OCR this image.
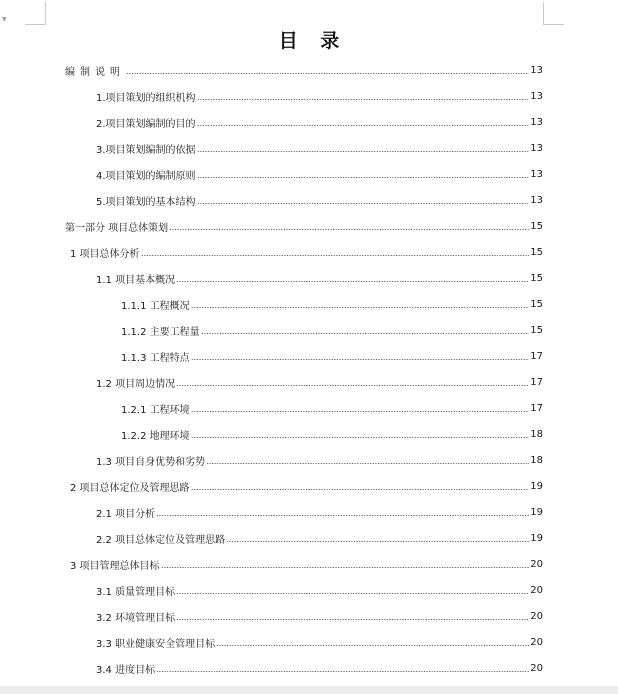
▼
目 录
编制说明	13
1.项目策划的组织机构	13
2.项目策划编制的目的	13
3.项目策划编制的依据	13
4.项目策划的编制原则	13
5.项目策划的基本结构	13
第一部分 项目总体策划	15
1 项目总体分析	15
1.1 项目基本概况	15
1.1.1 工程概况	15
1.1.2 主要工程量	15
1.1.3 工程特点	17
1.2 项目周边情况	17
1.2.1 工程环境	17
1.2.2 地理环境	18
1.3 项目自身优势和劣势	18
2 项目总体定位及管理思路	19
2.1 项目分析	19
2.2 项目总体定位及管理思路	19
3 项目管理总体目标	20
3.1 质量管理目标	20
3.2 环境管理目标	20
3.3 职业健康安全管理目标	20
3.4 进度目标	20
